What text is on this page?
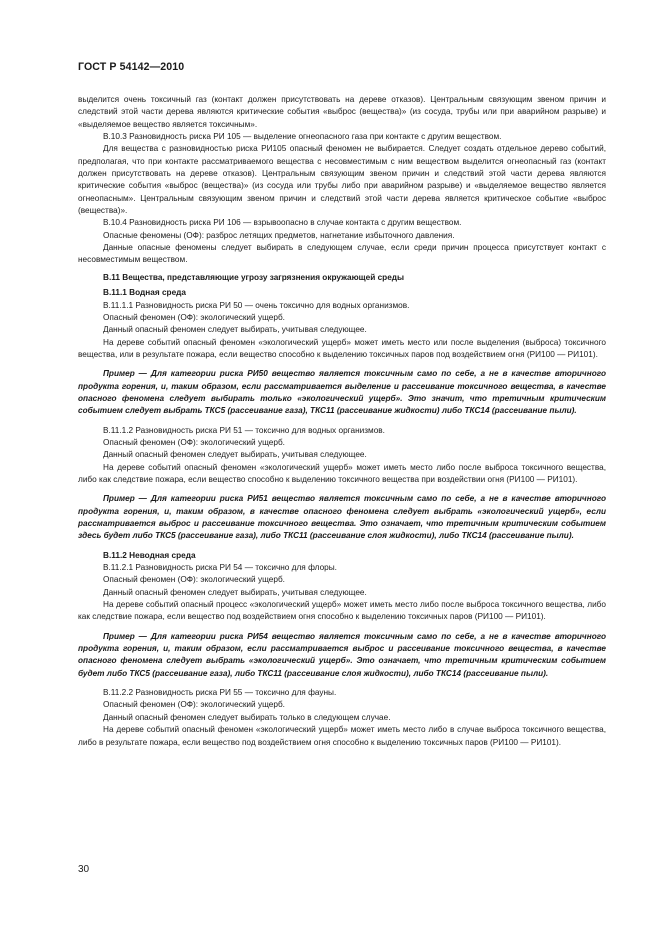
ГОСТ Р 54142—2010

выделится очень токсичный газ (контакт должен присутствовать на дереве отказов). Центральным связующим звеном причин и следствий этой части дерева являются критические события «выброс (вещества)» (из сосуда, трубы или при аварийном разрыве) и «выделяемое вещество является токсичным».

В.10.3 Разновидность риска РИ 105 — выделение огнеопасного газа при контакте с другим веществом.

Для вещества с разновидностью риска РИ105 опасный феномен не выбирается. Следует создать отдельное дерево событий, предполагая, что при контакте рассматриваемого вещества с несовместимым с ним веществом выделится огнеопасный газ (контакт должен присутствовать на дереве отказов). Центральным связующим звеном причин и следствий этой части дерева являются критические события «выброс (вещества)» (из сосуда или трубы либо при аварийном разрыве) и «выделяемое вещество является огнеопасным». Центральным связующим звеном причин и следствий этой части дерева является критическое событие «выброс (вещества)».

В.10.4 Разновидность риска РИ 106 — взрывоопасно в случае контакта с другим веществом.

Опасные феномены (ОФ): разброс летящих предметов, нагнетание избыточного давления.

Данные опасные феномены следует выбирать в следующем случае, если среди причин процесса присутствует контакт с несовместимым веществом.

В.11 Вещества, представляющие угрозу загрязнения окружающей среды

В.11.1 Водная среда

В.11.1.1 Разновидность риска РИ 50 — очень токсично для водных организмов.

Опасный феномен (ОФ): экологический ущерб.

Данный опасный феномен следует выбирать, учитывая следующее.

На дереве событий опасный феномен «экологический ущерб» может иметь место или после выделения (выброса) токсичного вещества, или в результате пожара, если вещество способно к выделению токсичных паров под воздействием огня (РИ100 — РИ101).

Пример — Для категории риска РИ50 вещество является токсичным само по себе, а не в качестве вторичного продукта горения, и, таким образом, если рассматривается выделение и рассеивание токсичного вещества, в качестве опасного феномена следует выбирать только «экологический ущерб». Это значит, что третичным критическим событием следует выбрать ТКС5 (рассеивание газа), ТКС11 (рассеивание жидкости) либо ТКС14 (рассеивание пыли).

В.11.1.2 Разновидность риска РИ 51 — токсично для водных организмов.

Опасный феномен (ОФ): экологический ущерб.

Данный опасный феномен следует выбирать, учитывая следующее.

На дереве событий опасный феномен «экологический ущерб» может иметь место либо после выброса токсичного вещества, либо как следствие пожара, если вещество способно к выделению токсичного вещества при воздействии огня (РИ100 — РИ101).

Пример — Для категории риска РИ51 вещество является токсичным само по себе, а не в качестве вторичного продукта горения, и, таким образом, в качестве опасного феномена следует выбрать «экологический ущерб», если рассматривается выброс и рассеивание токсичного вещества. Это означает, что третичным критическим событием здесь будет либо ТКС5 (рассеивание газа), либо ТКС11 (рассеивание слоя жидкости), либо ТКС14 (рассеивание пыли).

В.11.2 Неводная среда

В.11.2.1 Разновидность риска РИ 54 — токсично для флоры.

Опасный феномен (ОФ): экологический ущерб.

Данный опасный феномен следует выбирать, учитывая следующее.

На дереве событий опасный процесс «экологический ущерб» может иметь место либо после выброса токсичного вещества, либо как следствие пожара, если вещество под воздействием огня способно к выделению токсичных паров (РИ100 — РИ101).

Пример — Для категории риска РИ54 вещество является токсичным само по себе, а не в качестве вторичного продукта горения, и, таким образом, если рассматривается выброс и рассеивание токсичного вещества, в качестве опасного феномена следует выбрать «экологический ущерб». Это означает, что третичным критическим событием будет либо ТКС5 (рассеивание газа), либо ТКС11 (рассеивание слоя жидкости), либо ТКС14 (рассеивание пыли).

В.11.2.2 Разновидность риска РИ 55 — токсично для фауны.

Опасный феномен (ОФ): экологический ущерб.

Данный опасный феномен следует выбирать только в следующем случае.

На дереве событий опасный феномен «экологический ущерб» может иметь место либо в случае выброса токсичного вещества, либо в результате пожара, если вещество под воздействием огня способно к выделению токсичных паров (РИ100 — РИ101).

30
